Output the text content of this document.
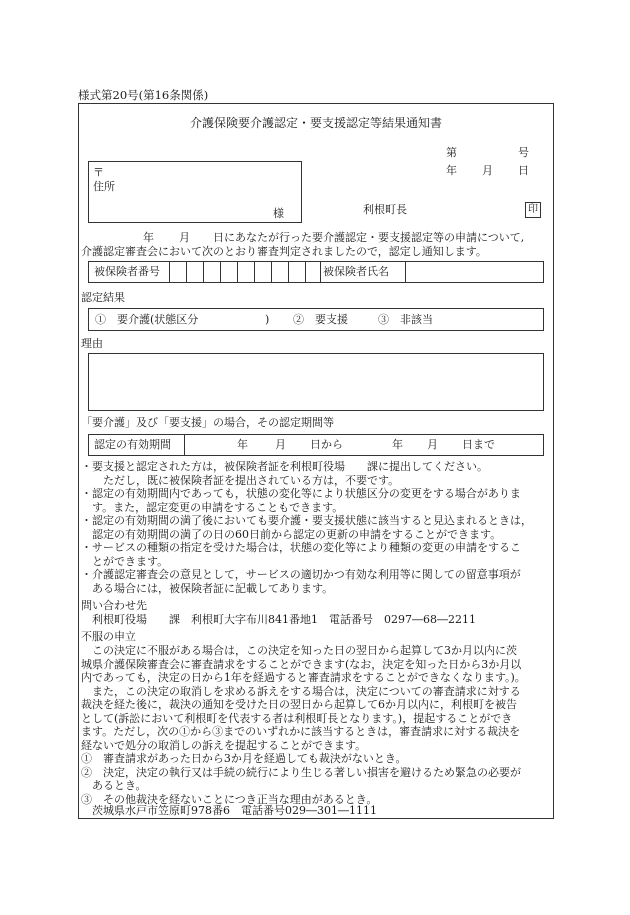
様式第20号(第16条関係)
介護保険要介護認定・要支援認定等結果通知書
第	号
年 月 日
〒
住所
様	利根町長	印
年 月 日にあなたが行った要介護認定・要支援認定等の申請について,
介護認定審査会において次のとおり審査判定されましたので，認定し通知します。
被保険者番号	被保険者氏名
認定結果
①　要介護(状態区分	) ②　要支援	③　非該当
理由
「要介護」及び「要支援」の場合，その認定期間等
認定の有効期間	年 月 日から	年 月 日まで
・要支援と認定された方は，被保険者証を利根町役場　　課に提出してください。
　　ただし，既に被保険者証を提出されている方は，不要です。
・認定の有効期間内であっても，状態の変化等により状態区分の変更をする場合がありま
　す。また，認定変更の申請をすることもできます。
・認定の有効期間の満了後においても要介護・要支援状態に該当すると見込まれるときは，
　認定の有効期間の満了の日の60日前から認定の更新の申請をすることができます。
・サービスの種類の指定を受けた場合は，状態の変化等により種類の変更の申請をするこ
　とができます。
・介護認定審査会の意見として，サービスの適切かつ有効な利用等に関しての留意事項が
　ある場合には，被保険者証に記載してあります。
問い合わせ先
　利根町役場　　課　利根町大字布川841番地1　電話番号　0297―68―2211
不服の申立
　この決定に不服がある場合は，この決定を知った日の翌日から起算して3か月以内に茨
城県介護保険審査会に審査請求をすることができます(なお，決定を知った日から3か月以
内であっても，決定の日から1年を経過すると審査請求をすることができなくなります。)。
　また，この決定の取消しを求める訴えをする場合は，決定についての審査請求に対する
裁決を経た後に，裁決の通知を受けた日の翌日から起算して6か月以内に，利根町を被告
として(訴訟において利根町を代表する者は利根町長となります。)，提起することができ
ます。ただし，次の①から③までのいずれかに該当するときは，審査請求に対する裁決を
経ないで処分の取消しの訴えを提起することができます。
①　審査請求があった日から3か月を経過しても裁決がないとき。
②　決定，決定の執行又は手続の続行により生じる著しい損害を避けるため緊急の必要が
　あるとき。
③　その他裁決を経ないことにつき正当な理由があるとき。
　茨城県水戸市笠原町978番6　電話番号029―301―1111
